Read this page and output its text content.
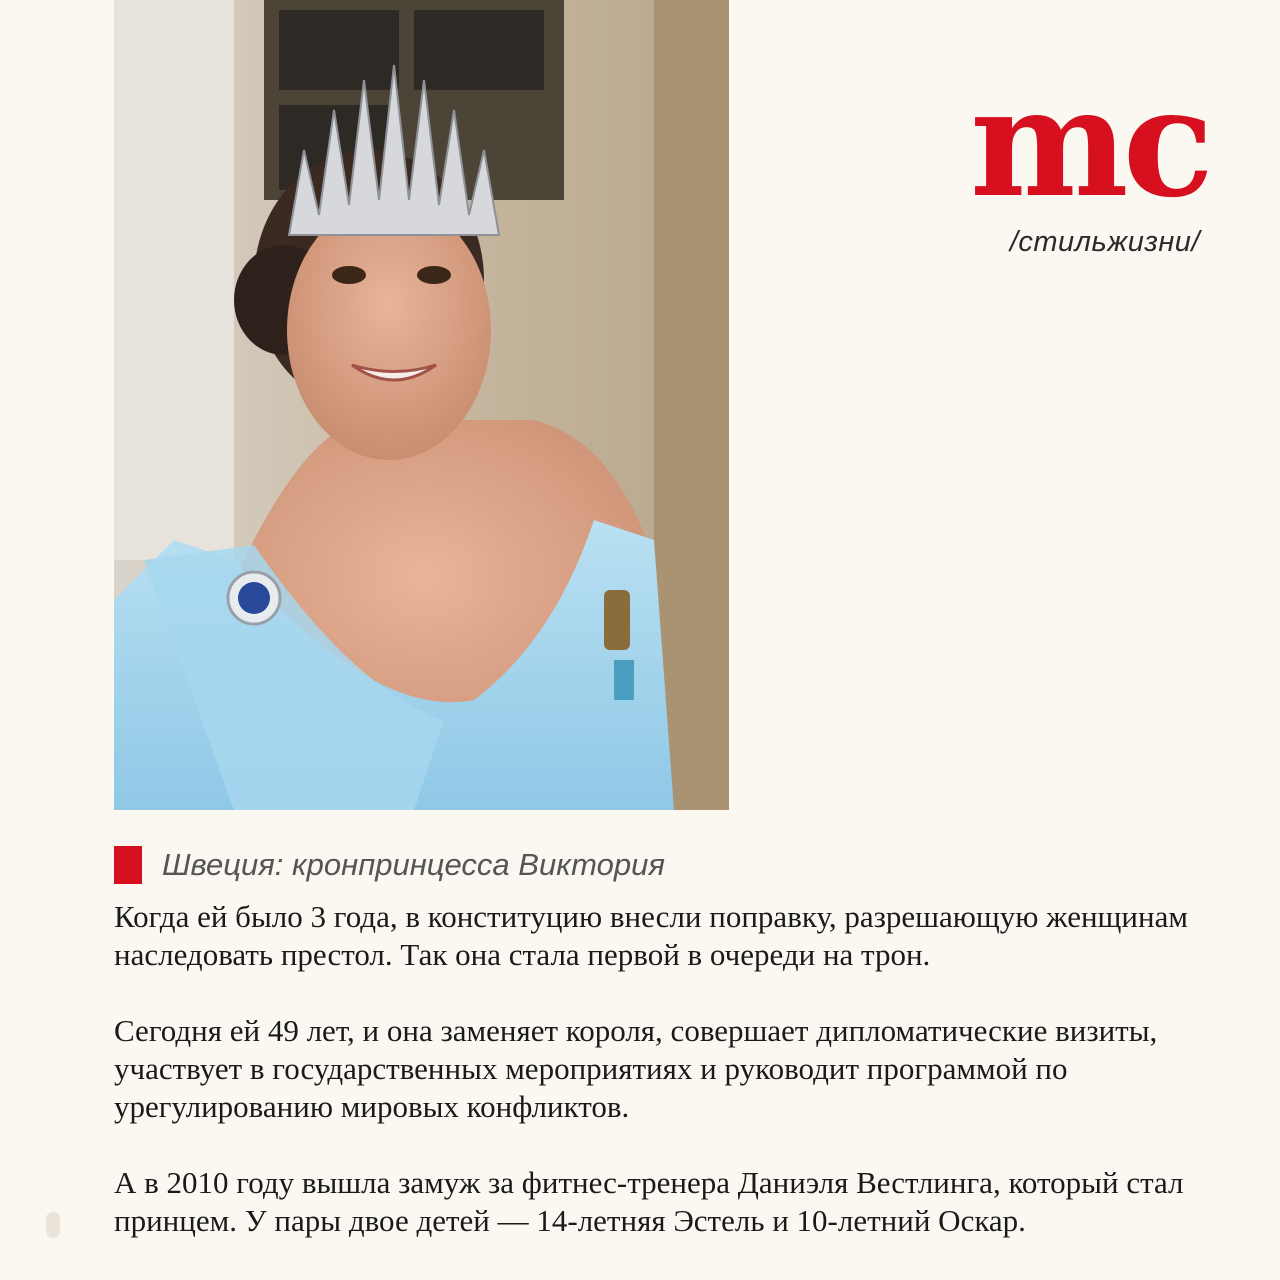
mc
/стильжизни/
Швеция: кронпринцесса Виктория

Когда ей было 3 года, в конституцию внесли поправку, разрешающую женщинам наследовать престол. Так она стала первой в очереди на трон.

Сегодня ей 49 лет, и она заменяет короля, совершает дипломатические визиты, участвует в государственных мероприятиях и руководит программой по урегулированию мировых конфликтов.

А в 2010 году вышла замуж за фитнес-тренера Даниэля Вестлинга, который стал принцем. У пары двое детей — 14-летняя Эстель и 10-летний Оскар.
